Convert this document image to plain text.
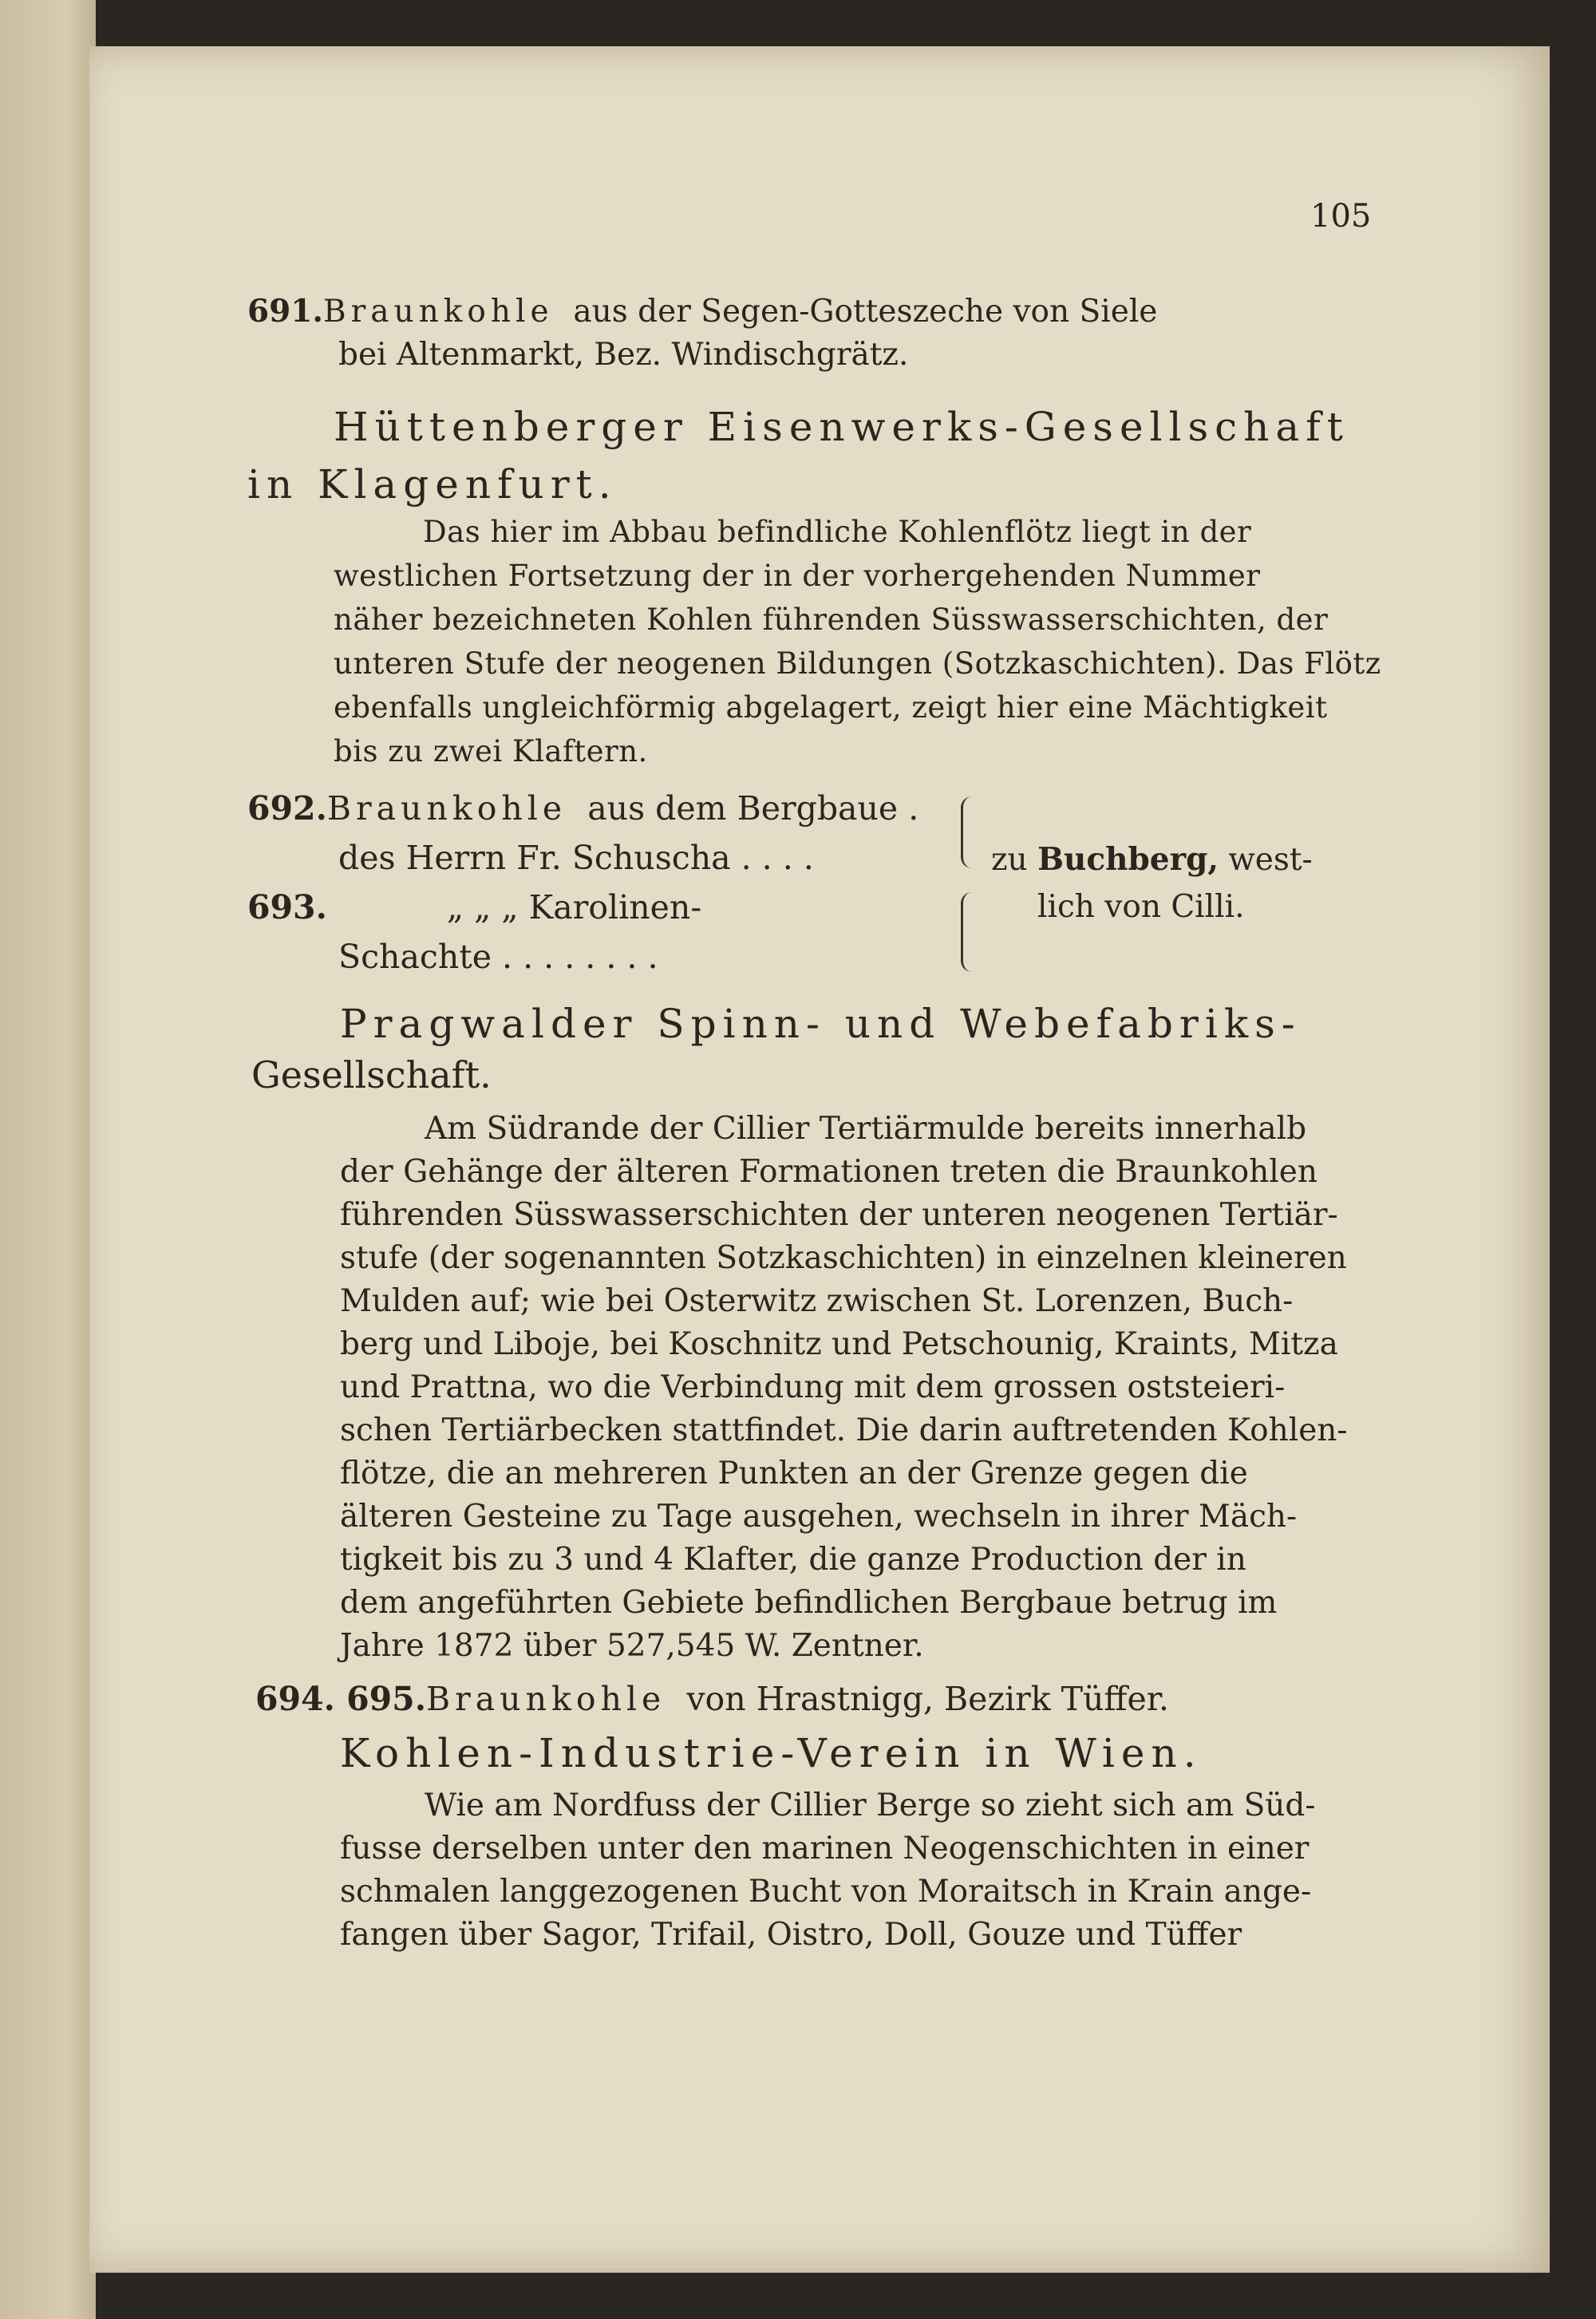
105
691.Braunkohle aus der Segen-Gotteszeche von Siele
bei Altenmarkt, Bez. Windischgrätz.
Hüttenberger Eisenwerks-Gesellschaft
in Klagenfurt.
Das hier im Abbau befindliche Kohlenflötz liegt in der
westlichen Fortsetzung der in der vorhergehenden Nummer
näher bezeichneten Kohlen führenden Süsswasserschichten, der
unteren Stufe der neogenen Bildungen (Sotzkaschichten). Das Flötz
ebenfalls ungleichförmig abgelagert, zeigt hier eine Mächtigkeit
bis zu zwei Klaftern.
692.Braunkohle aus dem Bergbaue .
des Herrn Fr. Schuscha . . . .
693.	„ „ „ Karolinen-
Schachte . . . . . . . .
zu Buchberg, west-
lich von Cilli.
Pragwalder Spinn- und Webefabriks-
Gesellschaft.
Am Südrande der Cillier Tertiärmulde bereits innerhalb
der Gehänge der älteren Formationen treten die Braunkohlen
führenden Süsswasserschichten der unteren neogenen Tertiär-
stufe (der sogenannten Sotzkaschichten) in einzelnen kleineren
Mulden auf; wie bei Osterwitz zwischen St. Lorenzen, Buch-
berg und Liboje, bei Koschnitz und Petschounig, Kraints, Mitza
und Prattna, wo die Verbindung mit dem grossen oststeieri-
schen Tertiärbecken stattfindet. Die darin auftretenden Kohlen-
flötze, die an mehreren Punkten an der Grenze gegen die
älteren Gesteine zu Tage ausgehen, wechseln in ihrer Mäch-
tigkeit bis zu 3 und 4 Klafter, die ganze Production der in
dem angeführten Gebiete befindlichen Bergbaue betrug im
Jahre 1872 über 527,545 W. Zentner.
694. 695.Braunkohle von Hrastnigg, Bezirk Tüffer.
Kohlen-Industrie-Verein in Wien.
Wie am Nordfuss der Cillier Berge so zieht sich am Süd-
fusse derselben unter den marinen Neogenschichten in einer
schmalen langgezogenen Bucht von Moraitsch in Krain ange-
fangen über Sagor, Trifail, Oistro, Doll, Gouze und Tüffer
